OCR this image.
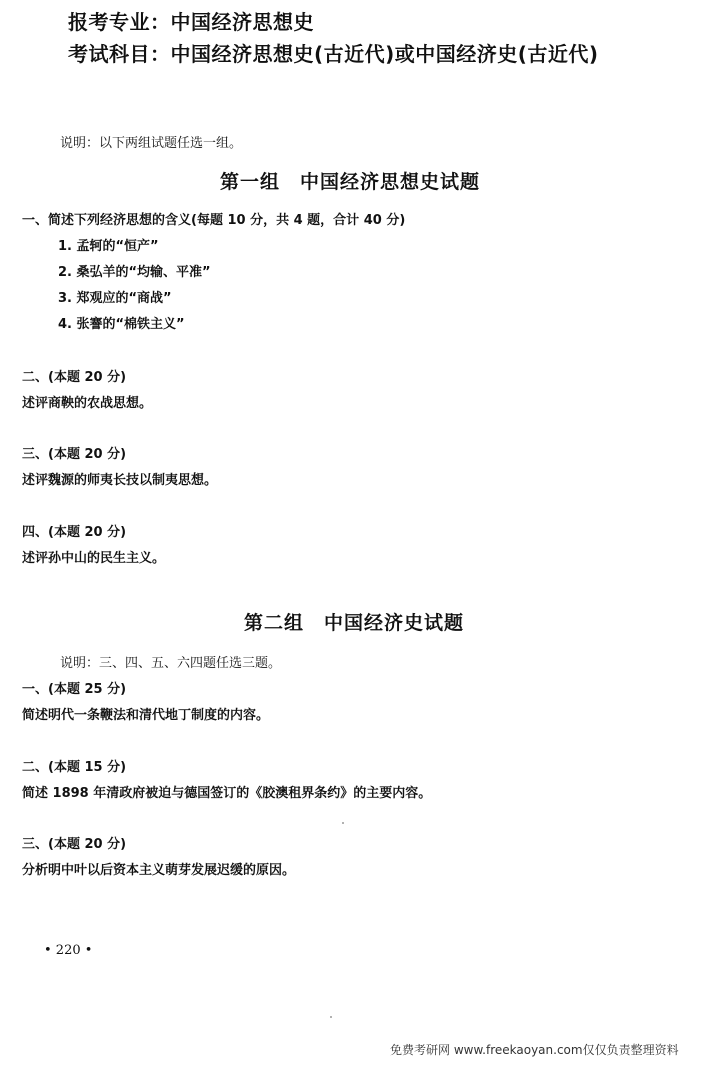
报考专业：中国经济思想史
考试科目：中国经济思想史(古近代)或中国经济史(古近代)
说明：以下两组试题任选一组。
第一组　中国经济思想史试题
一、简述下列经济思想的含义(每题 10 分，共 4 题，合计 40 分)
1. 孟轲的“恒产”
2. 桑弘羊的“均输、平准”
3. 郑观应的“商战”
4. 张謇的“棉铁主义”
二、(本题 20 分)
述评商鞅的农战思想。
三、(本题 20 分)
述评魏源的师夷长技以制夷思想。
四、(本题 20 分)
述评孙中山的民生主义。
第二组　中国经济史试题
说明：三、四、五、六四题任选三题。
一、(本题 25 分)
简述明代一条鞭法和清代地丁制度的内容。
二、(本题 15 分)
简述 1898 年清政府被迫与德国签订的《胶澳租界条约》的主要内容。
三、(本题 20 分)
分析明中叶以后资本主义萌芽发展迟缓的原因。
• 220 •
免费考研网 www.freekaoyan.com仅仅负责整理资料
